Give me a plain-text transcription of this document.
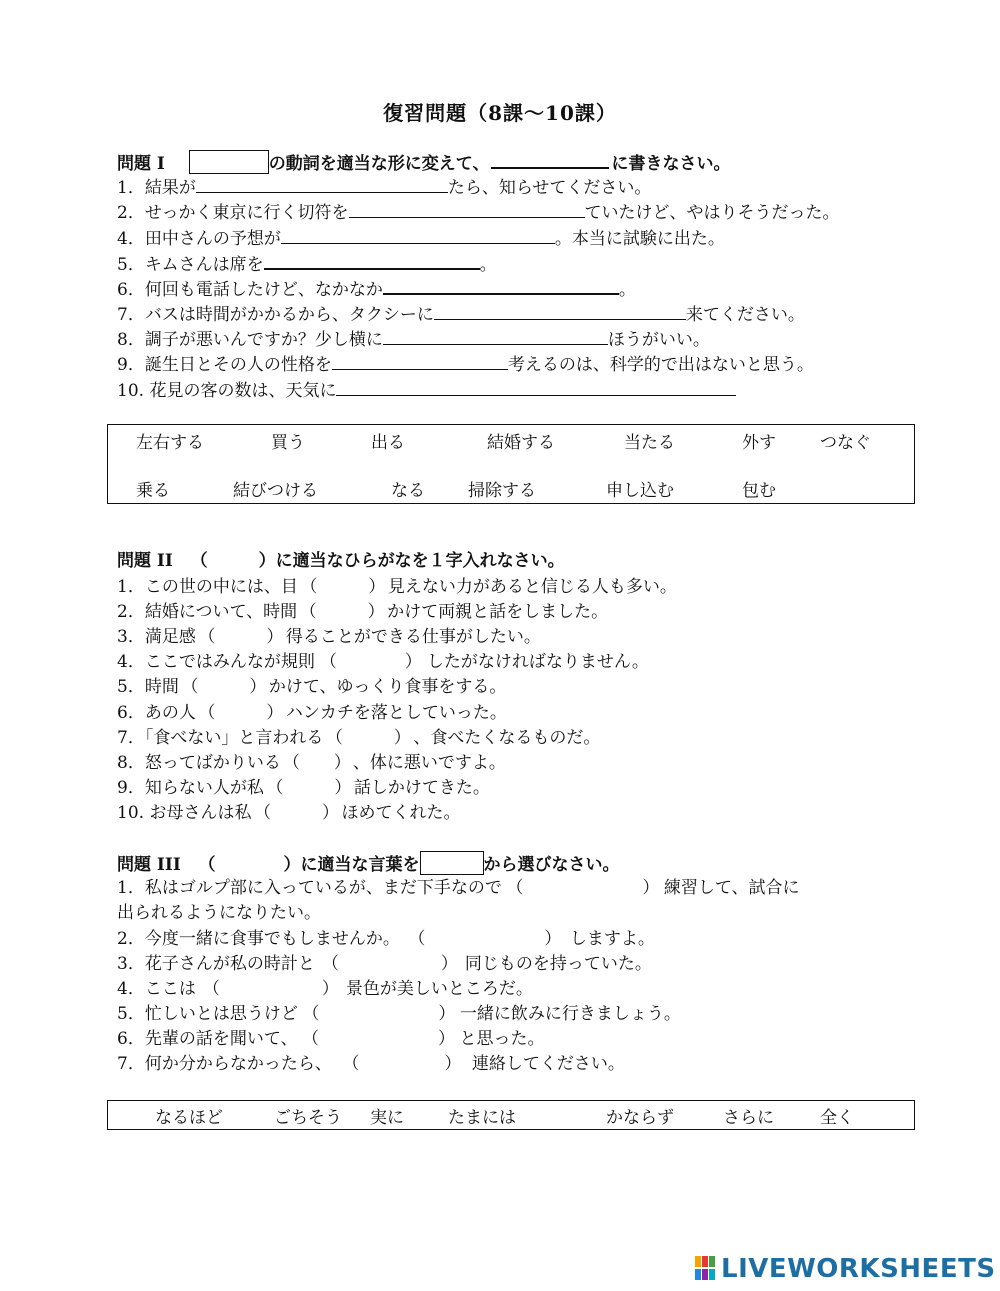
復習問題（8課〜10課）
問題 I	の動詞を適当な形に変えて、	に書きなさい。
1．結果が	たら、知らせてください。
2．せっかく東京に行く切符を	ていたけど、やはりそうだった。
4．田中さんの予想が	。本当に試験に出た。
5．キムさんは席を	。
6．何回も電話したけど、なかなか	。
7．バスは時間がかかるから、タクシーに	来てください。
8．調子が悪いんですか？少し横に	ほうがいい。
9．誕生日とその人の性格を	考えるのは、科学的で出はないと思う。
10. 花見の客の数は、天気に
左右する	買う	出る	結婚する	当たる	外す	つなぐ
乗る	結びつける	なる	掃除する	申し込む	包む
問題 II （　　　）に適当なひらがなを１字入れなさい。
1．この世の中には、目 （　　　） 見えない力があると信じる人も多い。
2．結婚について、時間 （　　　） かけて両親と話をしました。
3．満足感 （　　　） 得ることができる仕事がしたい。
4．ここではみんなが規則 （　　　　） したがなければなりません。
5．時間 （　　　） かけて、ゆっくり食事をする。
6．あの人 （　　　） ハンカチを落としていった。
7．「食べない」と言われる （　　　） 、食べたくなるものだ。
8．怒ってばかりいる （　　） 、体に悪いですよ。
9．知らない人が私 （　　　） 話しかけてきた。
10. お母さんは私 （　　　） ほめてくれた。
問題 III （　　　　）に適当な言葉を	から選びなさい。
1．私はゴルプ部に入っているが、まだ下手なので （　　　　　　　） 練習して、試合に
出られるようになりたい。
2．今度一緒に食事でもしませんか。 （　　　　　　　） しますよ。
3．花子さんが私の時計と （　　　　　　） 同じものを持っていた。
4．ここは （　　　　　　） 景色が美しいところだ。
5．忙しいとは思うけど （　　　　　　　） 一緒に飲みに行きましょう。
6．先輩の話を聞いて、 （　　　　　　　） と思った。
7．何か分からなかったら、 （　　　　　） 連絡してください。
なるほど	ごちそう 実に	たまには	かならず	さらに	全く
LIVEWORKSHEETS
